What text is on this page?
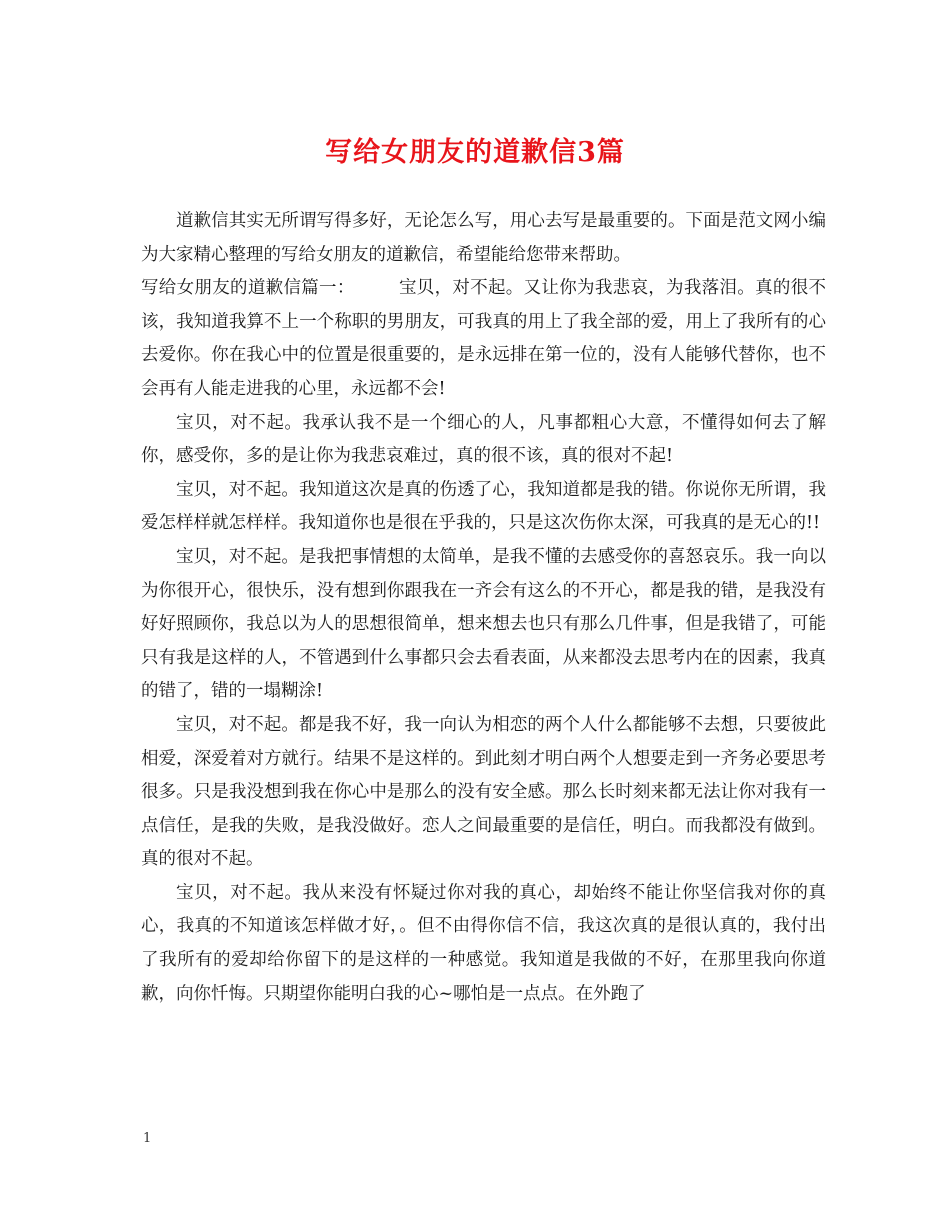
写给女朋友的道歉信3篇

道歉信其实无所谓写得多好，无论怎么写，用心去写是最重要的。下面是范文网小编为大家精心整理的写给女朋友的道歉信，希望能给您带来帮助。

写给女朋友的道歉信篇一：	宝贝，对不起。又让你为我悲哀，为我落泪。真的很不该，我知道我算不上一个称职的男朋友，可我真的用上了我全部的爱，用上了我所有的心去爱你。你在我心中的位置是很重要的，是永远排在第一位的，没有人能够代替你，也不会再有人能走进我的心里，永远都不会!

宝贝，对不起。我承认我不是一个细心的人，凡事都粗心大意，不懂得如何去了解你，感受你，多的是让你为我悲哀难过，真的很不该，真的很对不起!

宝贝，对不起。我知道这次是真的伤透了心，我知道都是我的错。你说你无所谓，我爱怎样样就怎样样。我知道你也是很在乎我的，只是这次伤你太深，可我真的是无心的!!

宝贝，对不起。是我把事情想的太简单，是我不懂的去感受你的喜怒哀乐。我一向以为你很开心，很快乐，没有想到你跟我在一齐会有这么的不开心，都是我的错，是我没有好好照顾你，我总以为人的思想很简单，想来想去也只有那么几件事，但是我错了，可能只有我是这样的人，不管遇到什么事都只会去看表面，从来都没去思考内在的因素，我真的错了，错的一塌糊涂!

宝贝，对不起。都是我不好，我一向认为相恋的两个人什么都能够不去想，只要彼此相爱，深爱着对方就行。结果不是这样的。到此刻才明白两个人想要走到一齐务必要思考很多。只是我没想到我在你心中是那么的没有安全感。那么长时刻来都无法让你对我有一点信任，是我的失败，是我没做好。恋人之间最重要的是信任，明白。而我都没有做到。真的很对不起。

宝贝，对不起。我从来没有怀疑过你对我的真心，却始终不能让你坚信我对你的真心，我真的不知道该怎样做才好，。但不由得你信不信，我这次真的是很认真的，我付出了我所有的爱却给你留下的是这样的一种感觉。我知道是我做的不好，在那里我向你道歉，向你忏悔。只期望你能明白我的心~哪怕是一点点。在外跑了

1
